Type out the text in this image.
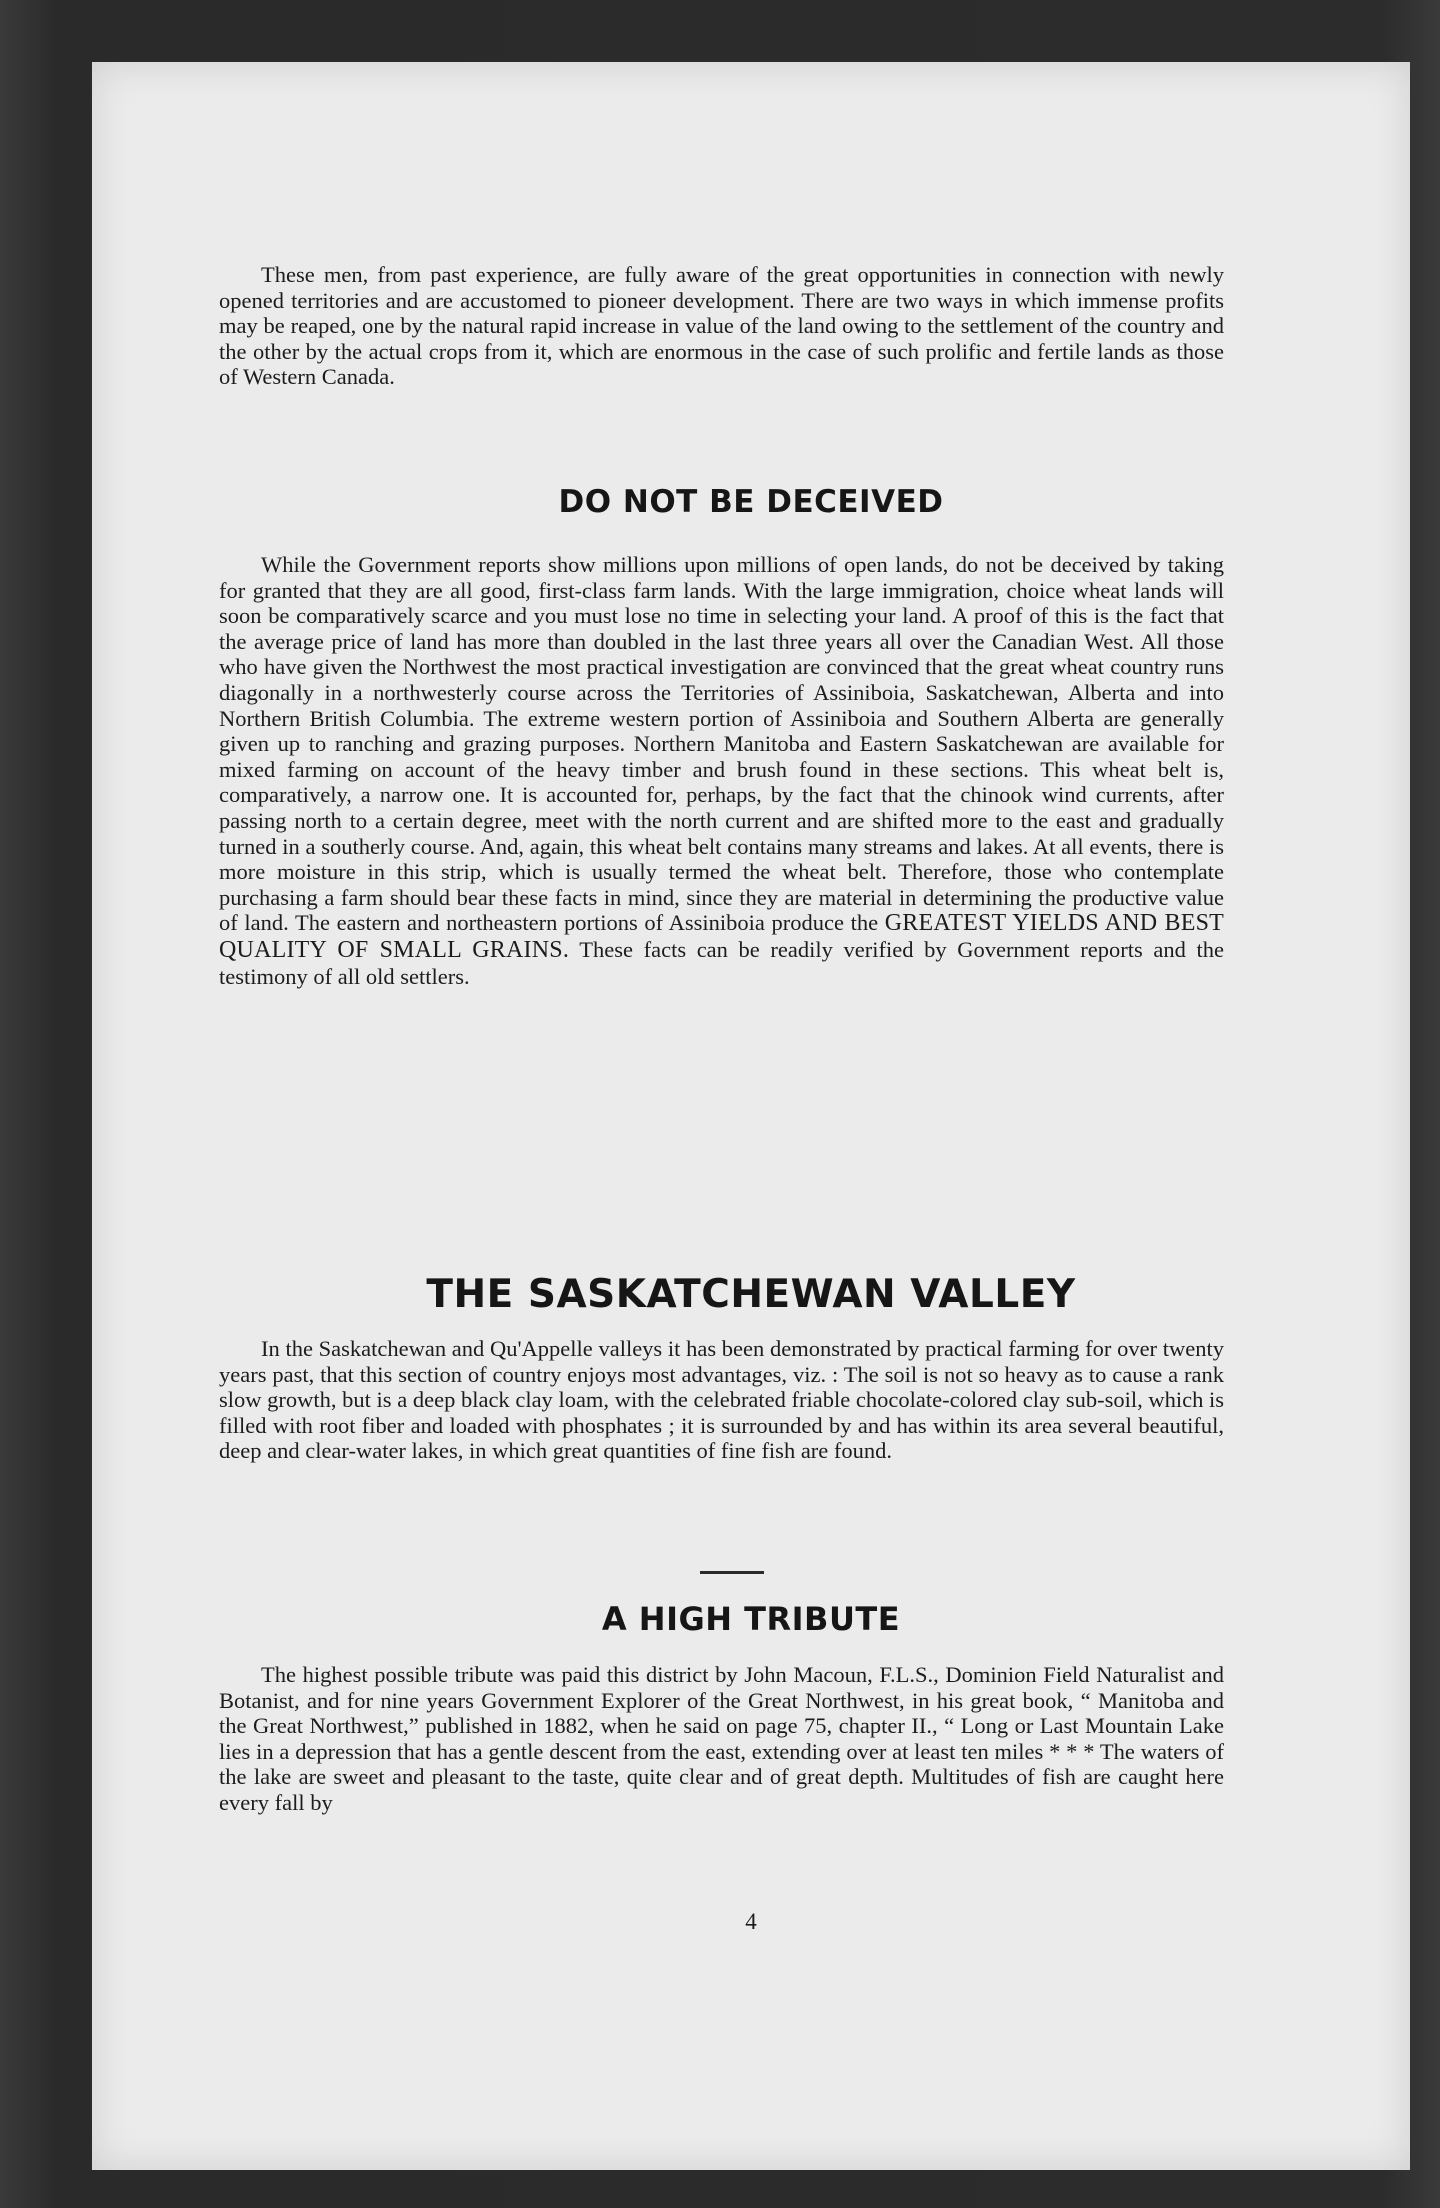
These men, from past experience, are fully aware of the great opportunities in connection with newly opened territories and are accustomed to pioneer development. There are two ways in which immense profits may be reaped, one by the natural rapid increase in value of the land owing to the settlement of the country and the other by the actual crops from it, which are enormous in the case of such prolific and fertile lands as those of Western Canada.

DO NOT BE DECEIVED

While the Government reports show millions upon millions of open lands, do not be deceived by taking for granted that they are all good, first-class farm lands. With the large immigration, choice wheat lands will soon be comparatively scarce and you must lose no time in selecting your land. A proof of this is the fact that the average price of land has more than doubled in the last three years all over the Canadian West. All those who have given the Northwest the most practical investigation are convinced that the great wheat country runs diagonally in a northwesterly course across the Territories of Assiniboia, Saskatchewan, Alberta and into Northern British Columbia. The extreme western portion of Assiniboia and Southern Alberta are generally given up to ranching and grazing purposes. Northern Manitoba and Eastern Saskatchewan are available for mixed farming on account of the heavy timber and brush found in these sections. This wheat belt is, comparatively, a narrow one. It is accounted for, perhaps, by the fact that the chinook wind currents, after passing north to a certain degree, meet with the north current and are shifted more to the east and gradually turned in a southerly course. And, again, this wheat belt contains many streams and lakes. At all events, there is more moisture in this strip, which is usually termed the wheat belt. Therefore, those who contemplate purchasing a farm should bear these facts in mind, since they are material in determining the productive value of land. The eastern and northeastern portions of Assiniboia produce the GREATEST YIELDS AND BEST QUALITY OF SMALL GRAINS. These facts can be readily verified by Government reports and the testimony of all old settlers.

THE SASKATCHEWAN VALLEY

In the Saskatchewan and Qu'Appelle valleys it has been demonstrated by practical farming for over twenty years past, that this section of country enjoys most advantages, viz. : The soil is not so heavy as to cause a rank slow growth, but is a deep black clay loam, with the celebrated friable chocolate-colored clay sub-soil, which is filled with root fiber and loaded with phosphates ; it is surrounded by and has within its area several beautiful, deep and clear-water lakes, in which great quantities of fine fish are found.

A HIGH TRIBUTE

The highest possible tribute was paid this district by John Macoun, F.L.S., Dominion Field Naturalist and Botanist, and for nine years Government Explorer of the Great Northwest, in his great book, “ Manitoba and the Great Northwest,” published in 1882, when he said on page 75, chapter II., “ Long or Last Mountain Lake lies in a depression that has a gentle descent from the east, extending over at least ten miles * * * The waters of the lake are sweet and pleasant to the taste, quite clear and of great depth. Multitudes of fish are caught here every fall by

4
